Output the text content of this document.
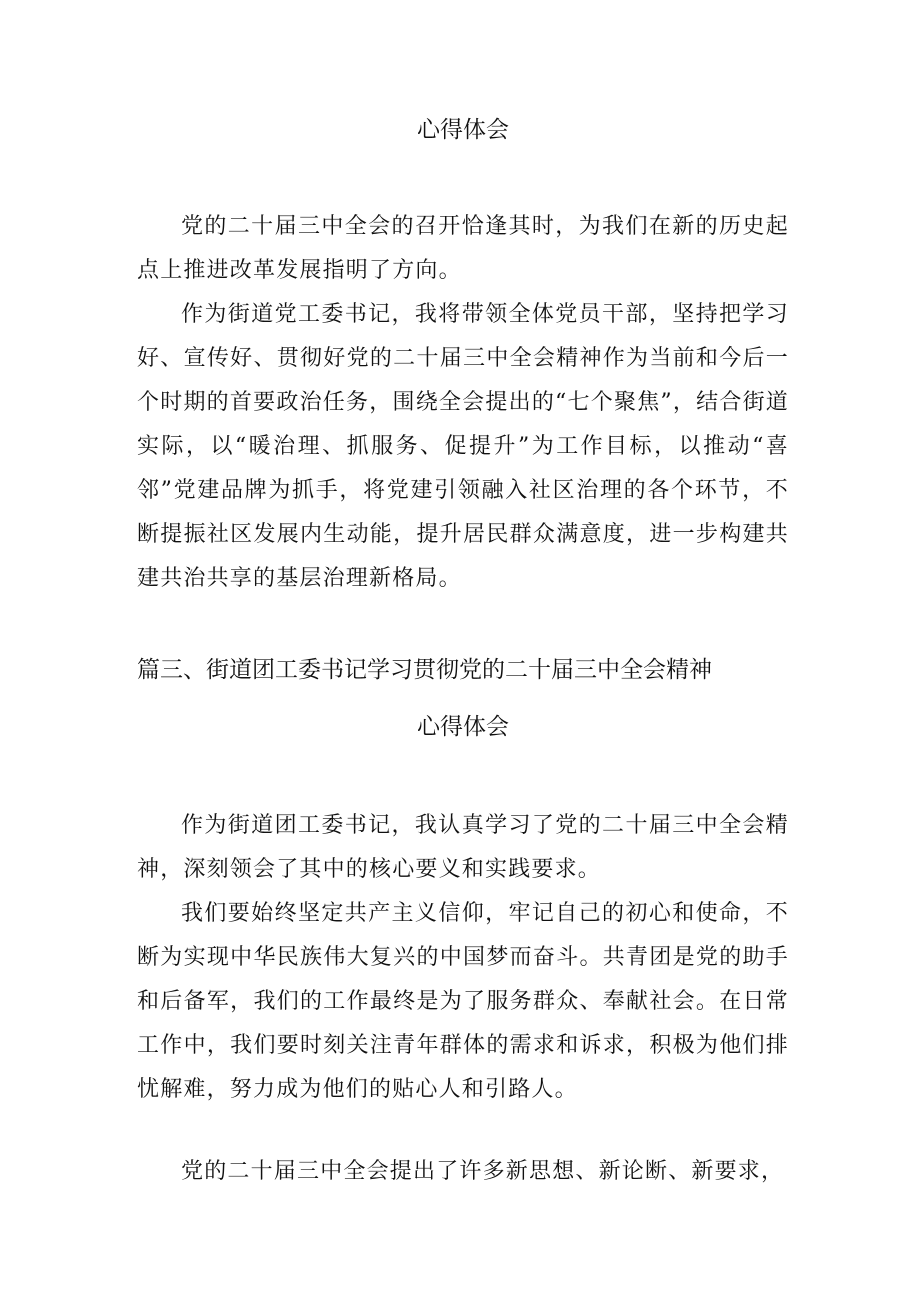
心得体会
党的二十届三中全会的召开恰逢其时，为我们在新的历史起点上推进改革发展指明了方向。
作为街道党工委书记，我将带领全体党员干部，坚持把学习好、宣传好、贯彻好党的二十届三中全会精神作为当前和今后一个时期的首要政治任务，围绕全会提出的“七个聚焦”，结合街道实际，以“暖治理、抓服务、促提升”为工作目标，以推动“喜邻”党建品牌为抓手，将党建引领融入社区治理的各个环节，不断提振社区发展内生动能，提升居民群众满意度，进一步构建共建共治共享的基层治理新格局。
篇三、街道团工委书记学习贯彻党的二十届三中全会精神
心得体会
作为街道团工委书记，我认真学习了党的二十届三中全会精神，深刻领会了其中的核心要义和实践要求。
我们要始终坚定共产主义信仰，牢记自己的初心和使命，不断为实现中华民族伟大复兴的中国梦而奋斗。共青团是党的助手和后备军，我们的工作最终是为了服务群众、奉献社会。在日常工作中，我们要时刻关注青年群体的需求和诉求，积极为他们排忧解难，努力成为他们的贴心人和引路人。
党的二十届三中全会提出了许多新思想、新论断、新要求，
